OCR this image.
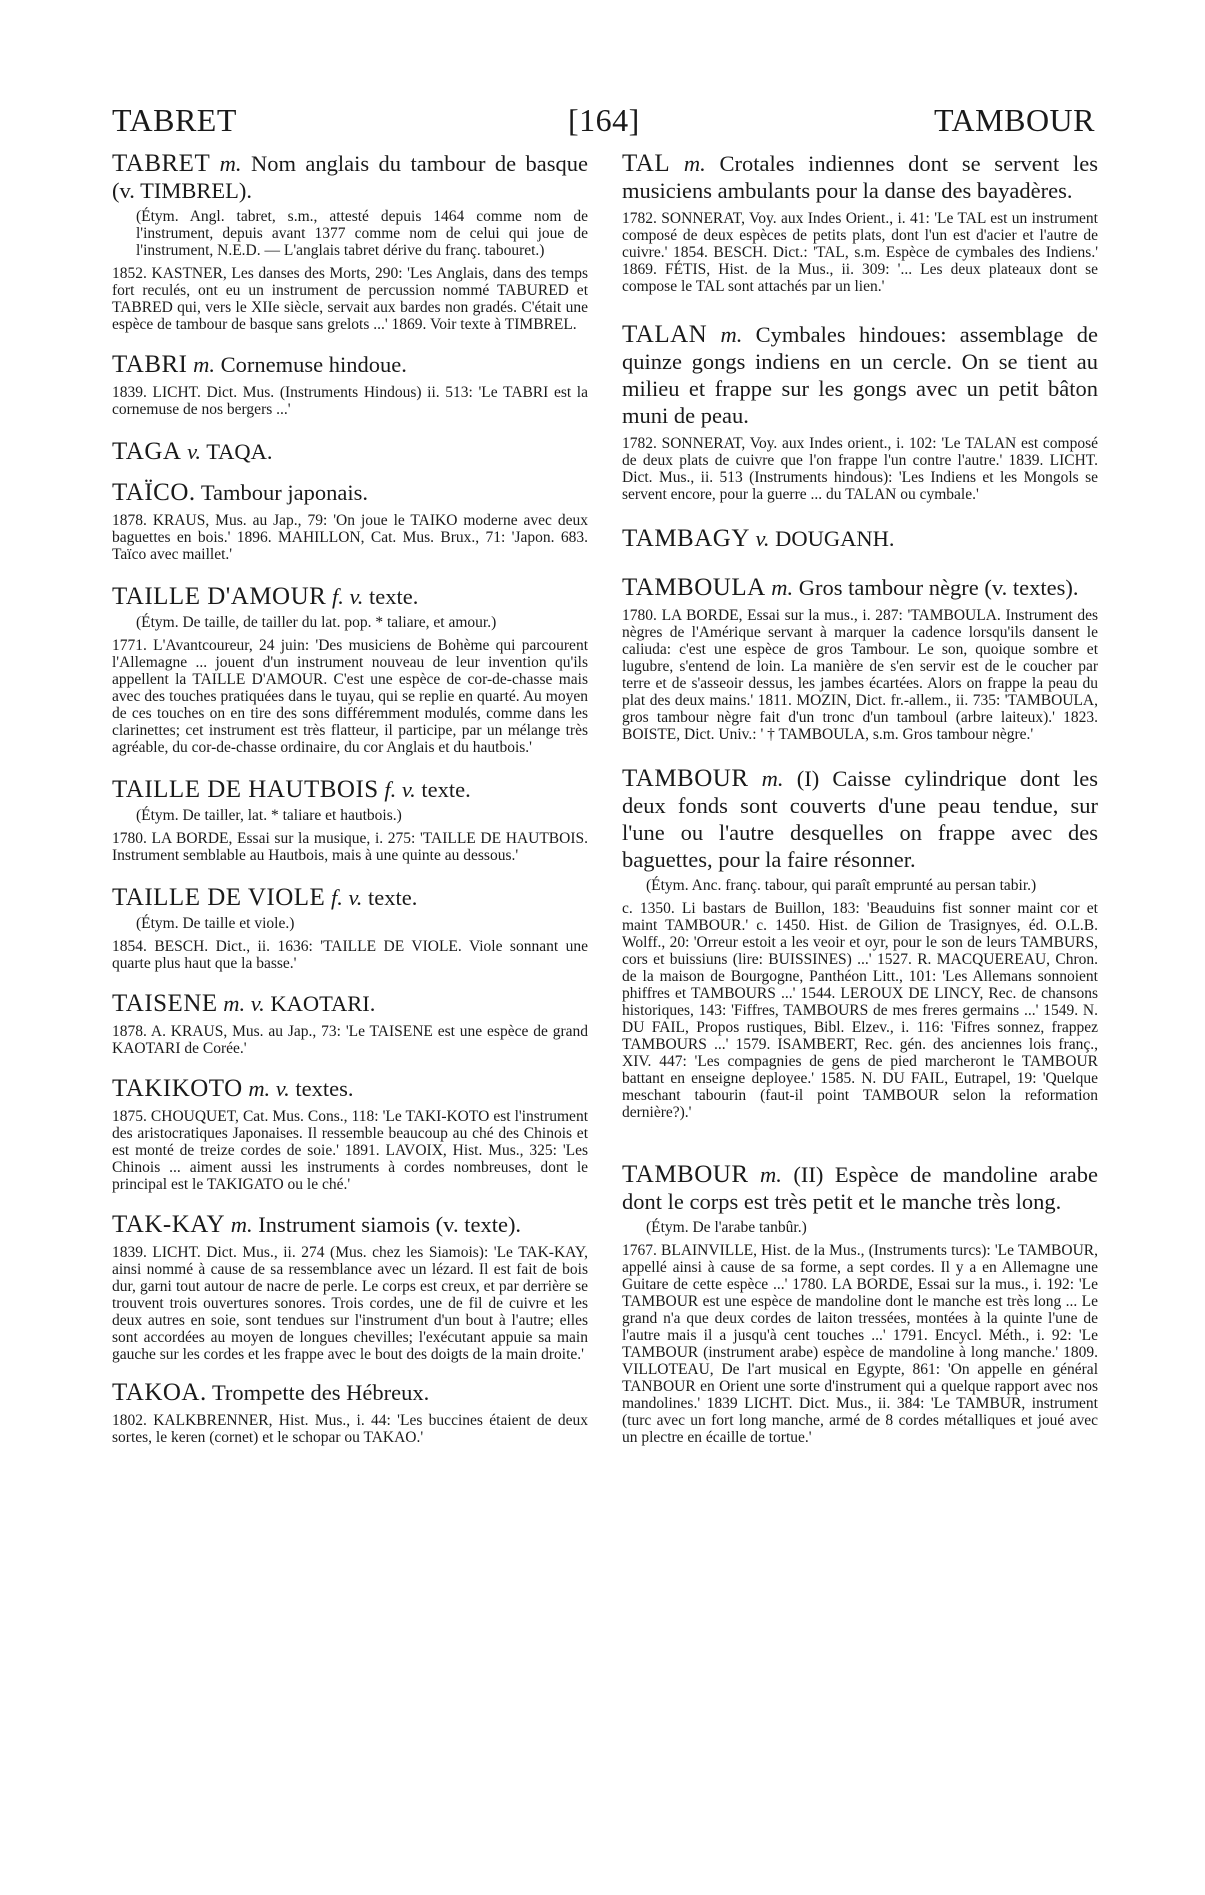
TABRET	[164]	TAMBOUR
TABRET m. Nom anglais du tambour de basque (v. TIMBREL).
(Étym. Angl. tabret, s.m., attesté depuis 1464 comme nom de l'instrument, depuis avant 1377 comme nom de celui qui joue de l'instrument, N.E.D. — L'anglais tabret dérive du franç. tabouret.)
1852. KASTNER, Les danses des Morts, 290: 'Les Anglais, dans des temps fort reculés, ont eu un instrument de percussion nommé TABURED et TABRED qui, vers le XIIe siècle, servait aux bardes non gradés. C'était une espèce de tambour de basque sans grelots ...' 1869. Voir texte à TIMBREL.
TABRI m. Cornemuse hindoue.
1839. LICHT. Dict. Mus. (Instruments Hindous) ii. 513: 'Le TABRI est la cornemuse de nos bergers ...'
TAGA v. TAQA.
TAÏCO. Tambour japonais.
1878. KRAUS, Mus. au Jap., 79: 'On joue le TAIKO moderne avec deux baguettes en bois.' 1896. MAHILLON, Cat. Mus. Brux., 71: 'Japon. 683. Taïco avec maillet.'
TAILLE D'AMOUR f. v. texte.
(Étym. De taille, de tailler du lat. pop. * taliare, et amour.)
1771. L'Avantcoureur, 24 juin: 'Des musiciens de Bohème qui parcourent l'Allemagne ... jouent d'un instrument nouveau de leur invention qu'ils appellent la TAILLE D'AMOUR. C'est une espèce de cor-de-chasse mais avec des touches pratiquées dans le tuyau, qui se replie en quarté. Au moyen de ces touches on en tire des sons différemment modulés, comme dans les clarinettes; cet instrument est très flatteur, il participe, par un mélange très agréable, du cor-de-chasse ordinaire, du cor Anglais et du hautbois.'
TAILLE DE HAUTBOIS f. v. texte.
(Étym. De tailler, lat. * taliare et hautbois.)
1780. LA BORDE, Essai sur la musique, i. 275: 'TAILLE DE HAUTBOIS. Instrument semblable au Hautbois, mais à une quinte au dessous.'
TAILLE DE VIOLE f. v. texte.
(Étym. De taille et viole.)
1854. BESCH. Dict., ii. 1636: 'TAILLE DE VIOLE. Viole sonnant une quarte plus haut que la basse.'
TAISENE m. v. KAOTARI.
1878. A. KRAUS, Mus. au Jap., 73: 'Le TAISENE est une espèce de grand KAOTARI de Corée.'
TAKIKOTO m. v. textes.
1875. CHOUQUET, Cat. Mus. Cons., 118: 'Le TAKI-KOTO est l'instrument des aristocratiques Japonaises. Il ressemble beaucoup au ché des Chinois et est monté de treize cordes de soie.' 1891. LAVOIX, Hist. Mus., 325: 'Les Chinois ... aiment aussi les instruments à cordes nombreuses, dont le principal est le TAKIGATO ou le ché.'
TAK-KAY m. Instrument siamois (v. texte).
1839. LICHT. Dict. Mus., ii. 274 (Mus. chez les Siamois): 'Le TAK-KAY, ainsi nommé à cause de sa ressemblance avec un lézard. Il est fait de bois dur, garni tout autour de nacre de perle. Le corps est creux, et par derrière se trouvent trois ouvertures sonores. Trois cordes, une de fil de cuivre et les deux autres en soie, sont tendues sur l'instrument d'un bout à l'autre; elles sont accordées au moyen de longues chevilles; l'exécutant appuie sa main gauche sur les cordes et les frappe avec le bout des doigts de la main droite.'
TAKOA. Trompette des Hébreux.
1802. KALKBRENNER, Hist. Mus., i. 44: 'Les buccines étaient de deux sortes, le keren (cornet) et le schopar ou TAKAO.'
TAL m. Crotales indiennes dont se servent les musiciens ambulants pour la danse des bayadères.
1782. SONNERAT, Voy. aux Indes Orient., i. 41: 'Le TAL est un instrument composé de deux espèces de petits plats, dont l'un est d'acier et l'autre de cuivre.' 1854. BESCH. Dict.: 'TAL, s.m. Espèce de cymbales des Indiens.' 1869. FÉTIS, Hist. de la Mus., ii. 309: '... Les deux plateaux dont se compose le TAL sont attachés par un lien.'
TALAN m. Cymbales hindoues: assemblage de quinze gongs indiens en un cercle. On se tient au milieu et frappe sur les gongs avec un petit bâton muni de peau.
1782. SONNERAT, Voy. aux Indes orient., i. 102: 'Le TALAN est composé de deux plats de cuivre que l'on frappe l'un contre l'autre.' 1839. LICHT. Dict. Mus., ii. 513 (Instruments hindous): 'Les Indiens et les Mongols se servent encore, pour la guerre ... du TALAN ou cymbale.'
TAMBAGY v. DOUGANH.
TAMBOULA m. Gros tambour nègre (v. textes).
1780. LA BORDE, Essai sur la mus., i. 287: 'TAMBOULA. Instrument des nègres de l'Amérique servant à marquer la cadence lorsqu'ils dansent le caliuda: c'est une espèce de gros Tambour. Le son, quoique sombre et lugubre, s'entend de loin. La manière de s'en servir est de le coucher par terre et de s'asseoir dessus, les jambes écartées. Alors on frappe la peau du plat des deux mains.' 1811. MOZIN, Dict. fr.-allem., ii. 735: 'TAMBOULA, gros tambour nègre fait d'un tronc d'un tamboul (arbre laiteux).' 1823. BOISTE, Dict. Univ.: ' † TAMBOULA, s.m. Gros tambour nègre.'
TAMBOUR m. (I) Caisse cylindrique dont les deux fonds sont couverts d'une peau tendue, sur l'une ou l'autre desquelles on frappe avec des baguettes, pour la faire résonner.
(Étym. Anc. franç. tabour, qui paraît emprunté au persan tabir.)
c. 1350. Li bastars de Buillon, 183: 'Beauduins fist sonner maint cor et maint TAMBOUR.' c. 1450. Hist. de Gilion de Trasignyes, éd. O.L.B. Wolff., 20: 'Orreur estoit a les veoir et oyr, pour le son de leurs TAMBURS, cors et buissiuns (lire: BUISSINES) ...' 1527. R. MACQUEREAU, Chron. de la maison de Bourgogne, Panthéon Litt., 101: 'Les Allemans sonnoient phiffres et TAMBOURS ...' 1544. LEROUX DE LINCY, Rec. de chansons historiques, 143: 'Fiffres, TAMBOURS de mes freres germains ...' 1549. N. DU FAIL, Propos rustiques, Bibl. Elzev., i. 116: 'Fifres sonnez, frappez TAMBOURS ...' 1579. ISAMBERT, Rec. gén. des anciennes lois franç., XIV. 447: 'Les compagnies de gens de pied marcheront le TAMBOUR battant en enseigne deployee.' 1585. N. DU FAIL, Eutrapel, 19: 'Quelque meschant tabourin (faut-il point TAMBOUR selon la reformation dernière?).'
TAMBOUR m. (II) Espèce de mandoline arabe dont le corps est très petit et le manche très long.
(Étym. De l'arabe tanbûr.)
1767. BLAINVILLE, Hist. de la Mus., (Instruments turcs): 'Le TAMBOUR, appellé ainsi à cause de sa forme, a sept cordes. Il y a en Allemagne une Guitare de cette espèce ...' 1780. LA BORDE, Essai sur la mus., i. 192: 'Le TAMBOUR est une espèce de mandoline dont le manche est très long ... Le grand n'a que deux cordes de laiton tressées, montées à la quinte l'une de l'autre mais il a jusqu'à cent touches ...' 1791. Encycl. Méth., i. 92: 'Le TAMBOUR (instrument arabe) espèce de mandoline à long manche.' 1809. VILLOTEAU, De l'art musical en Egypte, 861: 'On appelle en général TANBOUR en Orient une sorte d'instrument qui a quelque rapport avec nos mandolines.' 1839 LICHT. Dict. Mus., ii. 384: 'Le TAMBUR, instrument (turc avec un fort long manche, armé de 8 cordes métalliques et joué avec un plectre en écaille de tortue.'
